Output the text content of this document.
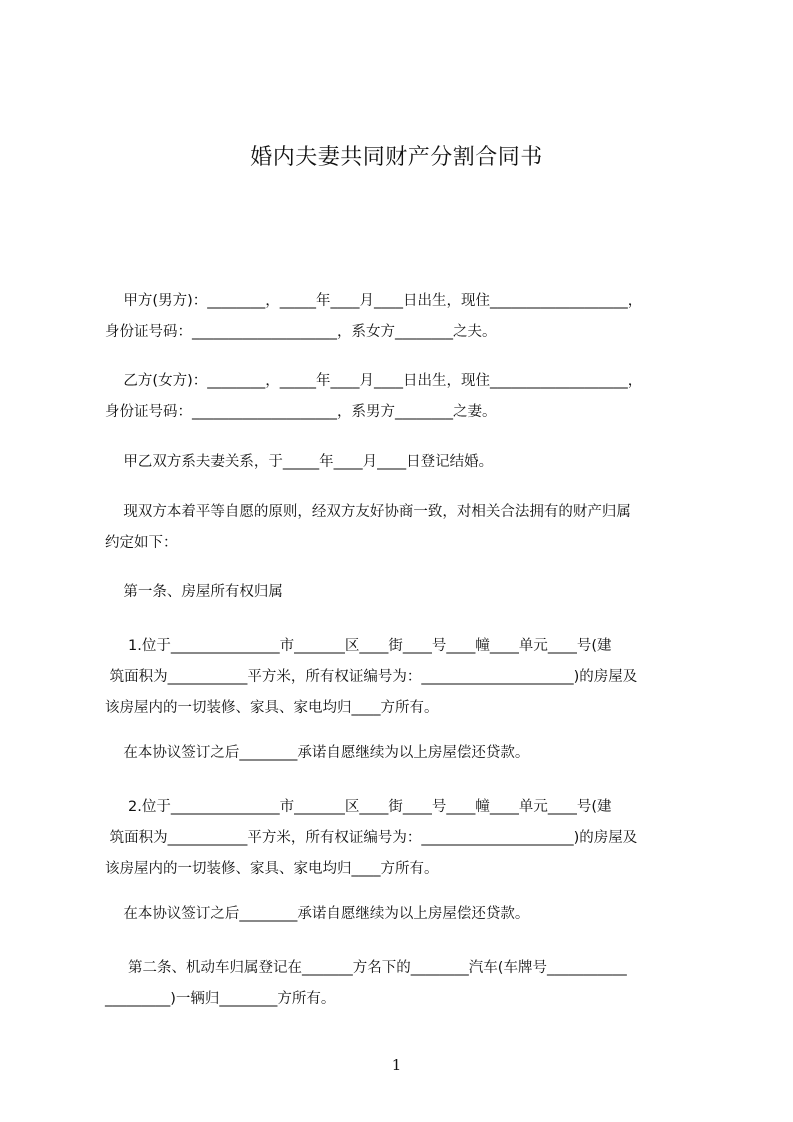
婚内夫妻共同财产分割合同书
甲方(男方)：________，_____年____月____日出生，现住___________________，
身份证号码：____________________，系女方________之夫。
乙方(女方)：________，_____年____月____日出生，现住___________________，
身份证号码：____________________，系男方________之妻。
甲乙双方系夫妻关系，于_____年____月____日登记结婚。
现双方本着平等自愿的原则，经双方友好协商一致，对相关合法拥有的财产归属
约定如下：
第一条、房屋所有权归属
1.位于_______________市_______区____街____号____幢____单元____号(建
筑面积为___________平方米，所有权证编号为：_____________________)的房屋及
该房屋内的一切装修、家具、家电均归____方所有。
在本协议签订之后________承诺自愿继续为以上房屋偿还贷款。
2.位于_______________市_______区____街____号____幢____单元____号(建
筑面积为___________平方米，所有权证编号为：_____________________)的房屋及
该房屋内的一切装修、家具、家电均归____方所有。
在本协议签订之后________承诺自愿继续为以上房屋偿还贷款。
第二条、机动车归属登记在_______方名下的________汽车(车牌号___________
_________)一辆归________方所有。
1
